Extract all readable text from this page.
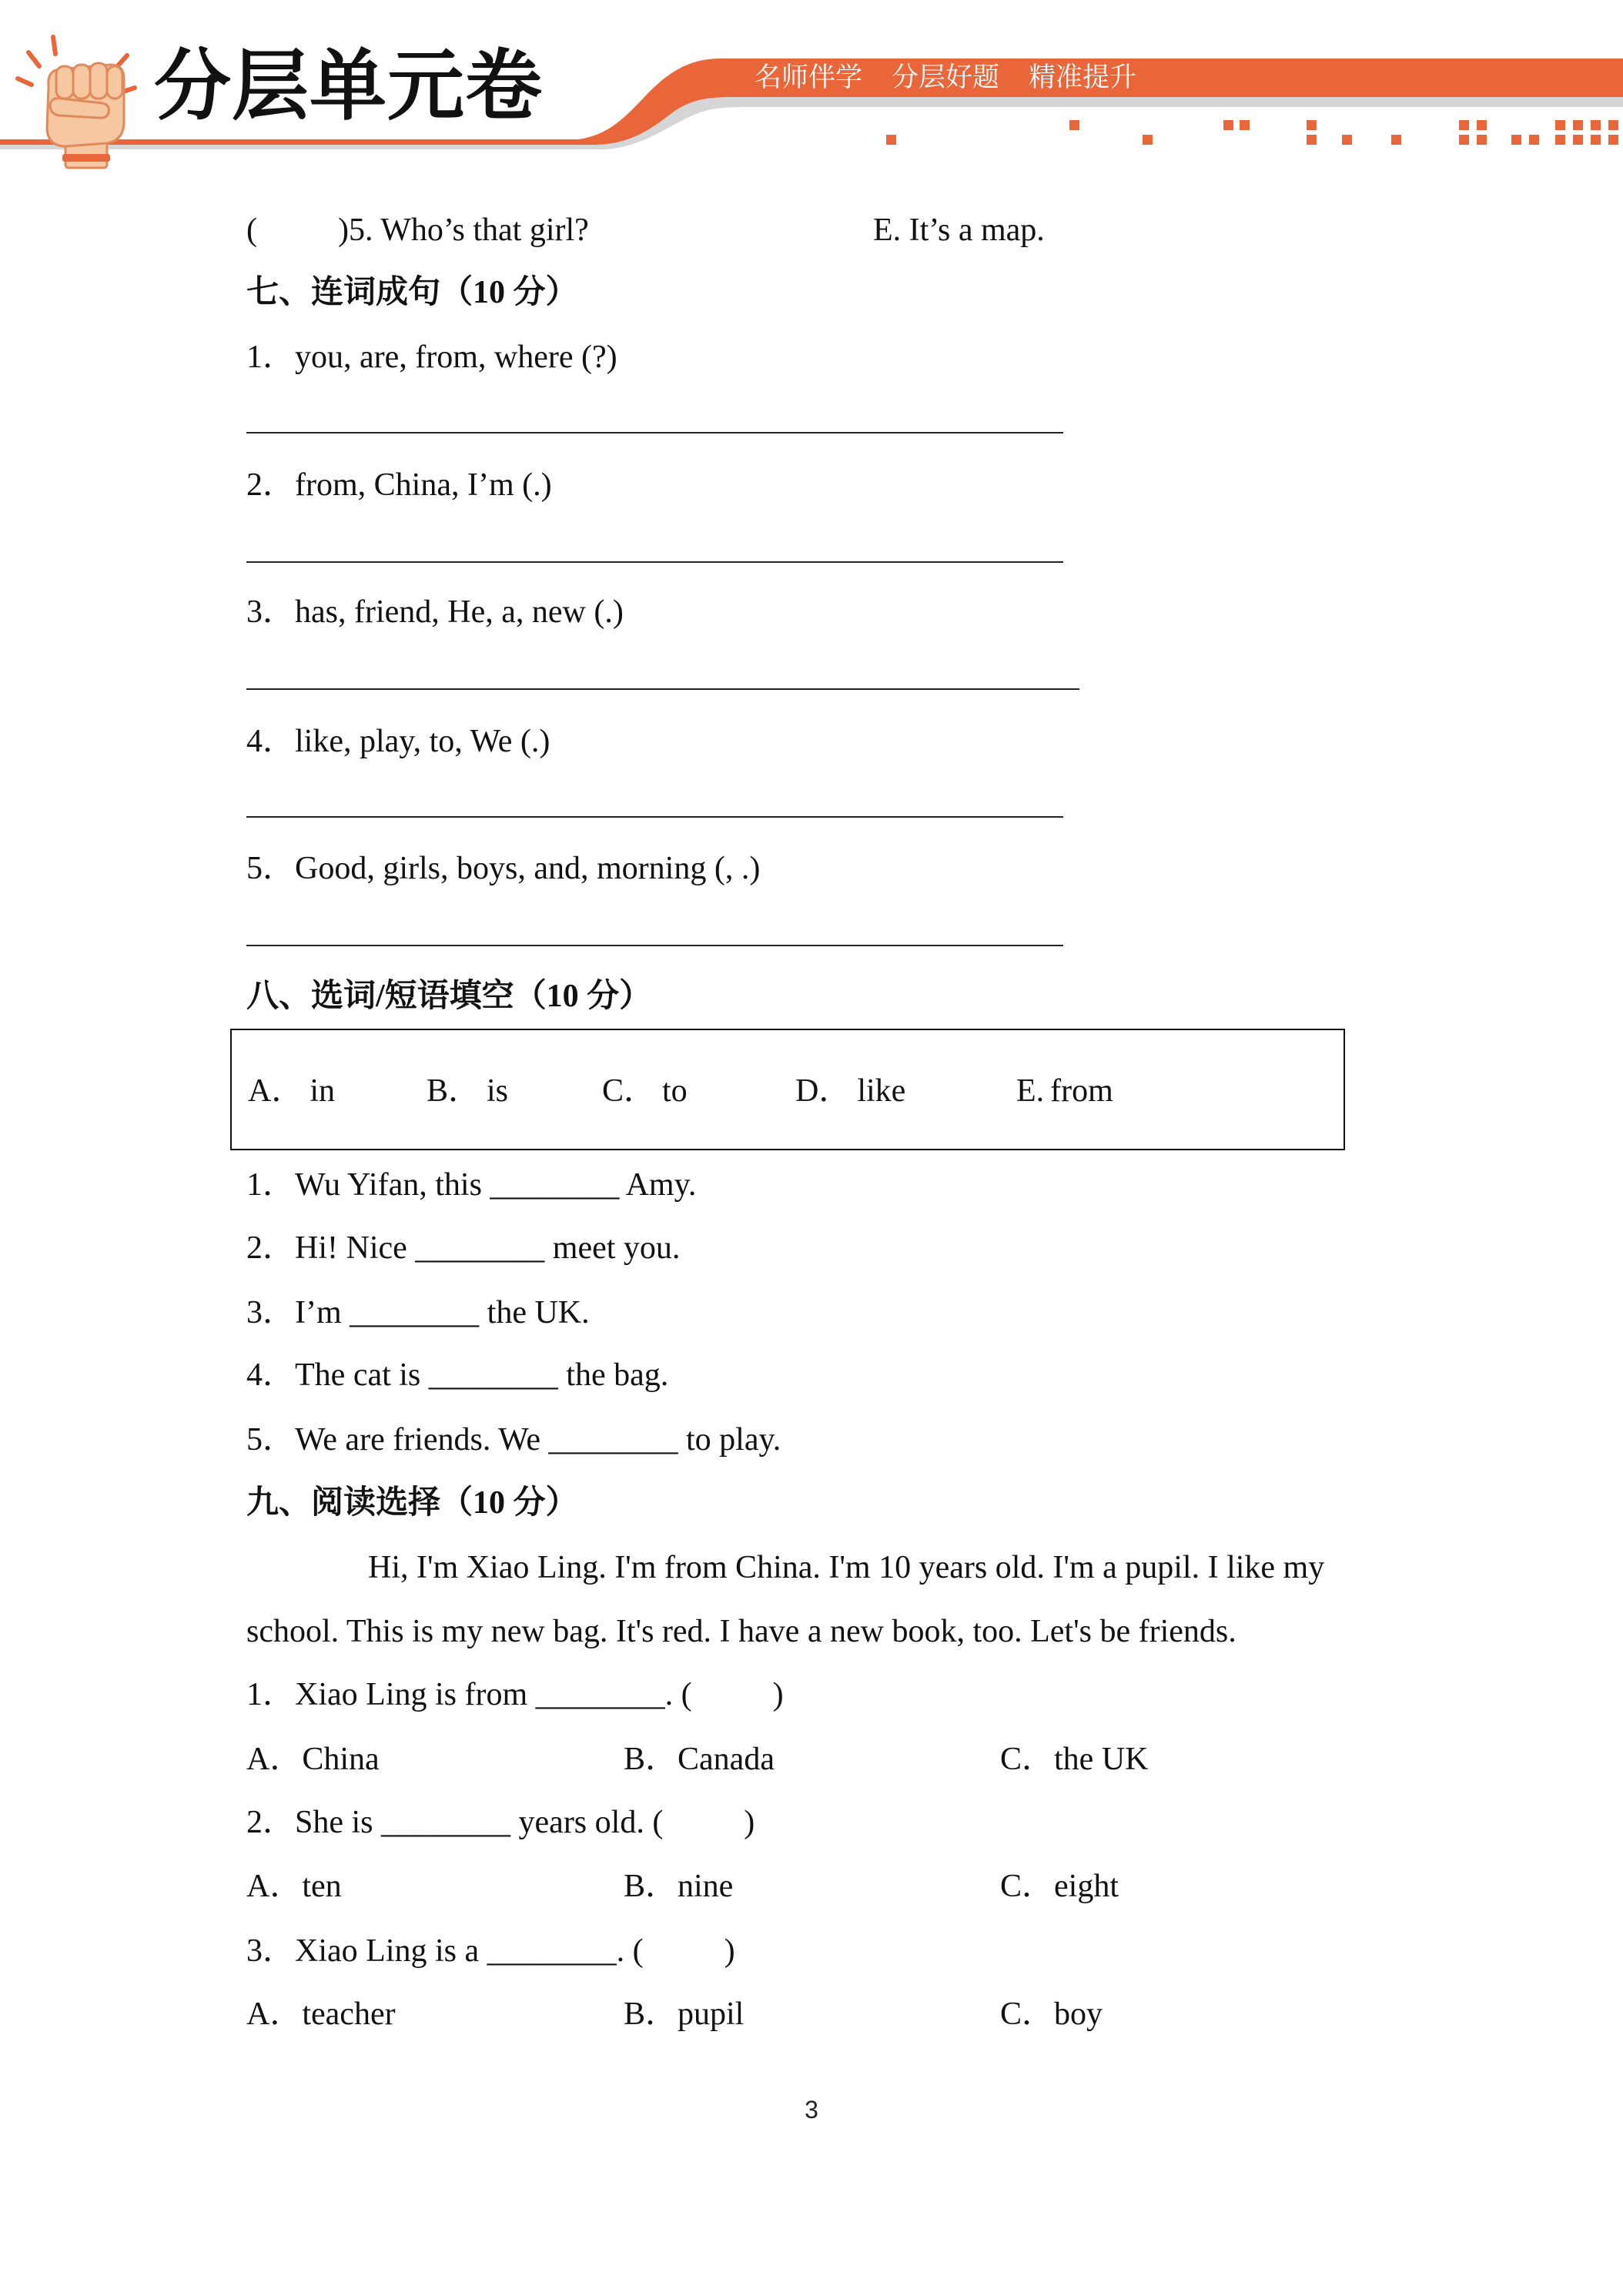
分层单元卷	名师伴学 分层好题 精准提升
(          )5. Who’s that girl?	E. It’s a map.
七、连词成句（10 分）
1．you, are, from, where (?)
2．from, China, I’m (.)
3．has, friend, He, a, new (.)
4．like, play, to, We (.)
5．Good, girls, boys, and, morning (, .)
八、选词/短语填空（10 分）
A． in	B． is	C． to	D． like	E. from
1．Wu Yifan, this ________ Amy.
2．Hi! Nice ________ meet you.
3．I’m ________ the UK.
4．The cat is ________ the bag.
5．We are friends. We ________ to play.
九、阅读选择（10 分）

Hi, I'm Xiao Ling. I'm from China. I'm 10 years old. I'm a pupil. I like my school. This is my new bag. It's red. I have a new book, too. Let's be friends.

1．Xiao Ling is from ________. (          )
A．China	B．Canada	C．the UK
2．She is ________ years old. (          )
A．ten	B．nine	C．eight
3．Xiao Ling is a ________. (          )
A．teacher	B．pupil	C．boy
3
